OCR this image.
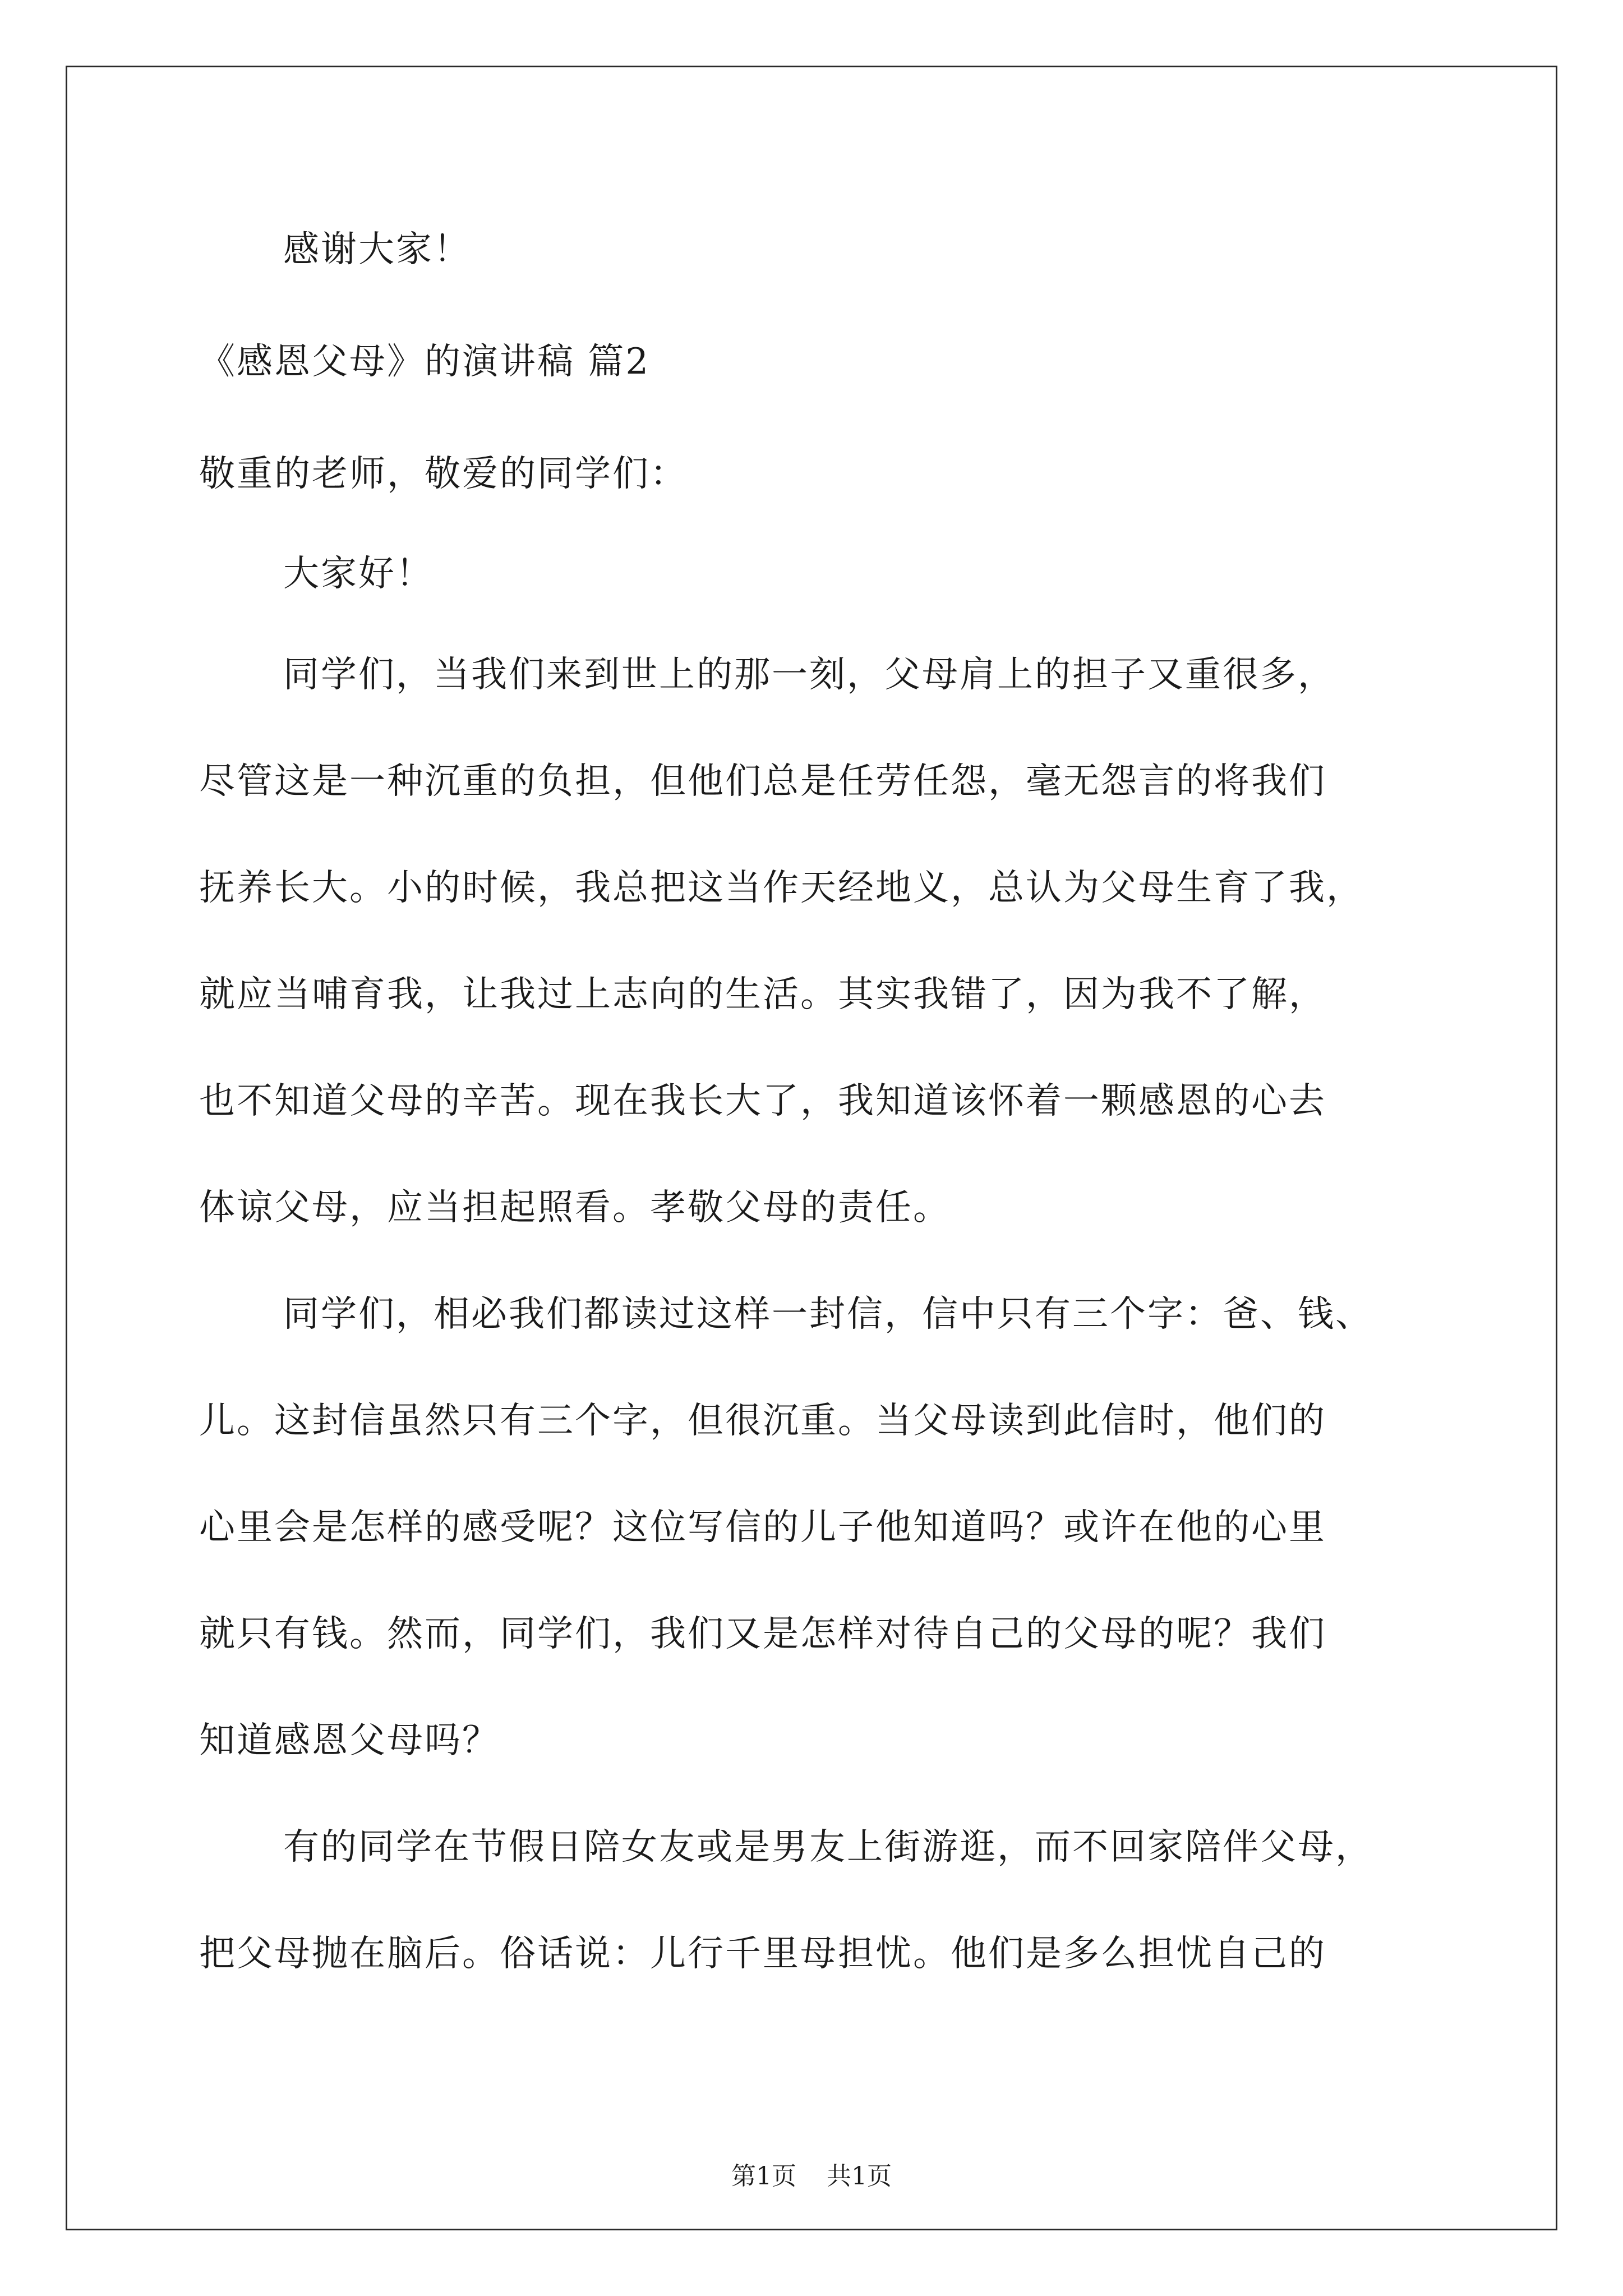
感谢大家！
《感恩父母》的演讲稿 篇2
敬重的老师，敬爱的同学们：
大家好！
同学们，当我们来到世上的那一刻，父母肩上的担子又重很多，
尽管这是一种沉重的负担，但他们总是任劳任怨，毫无怨言的将我们
抚养长大。小的时候，我总把这当作天经地义，总认为父母生育了我，
就应当哺育我，让我过上志向的生活。其实我错了，因为我不了解，
也不知道父母的辛苦。现在我长大了，我知道该怀着一颗感恩的心去
体谅父母，应当担起照看。孝敬父母的责任。
同学们，相必我们都读过这样一封信，信中只有三个字：爸、钱、
儿。这封信虽然只有三个字，但很沉重。当父母读到此信时，他们的
心里会是怎样的感受呢？这位写信的儿子他知道吗？或许在他的心里
就只有钱。然而，同学们，我们又是怎样对待自己的父母的呢？我们
知道感恩父母吗？
有的同学在节假日陪女友或是男友上街游逛，而不回家陪伴父母，
把父母抛在脑后。俗话说：儿行千里母担忧。他们是多么担忧自己的
第1页 共1页
